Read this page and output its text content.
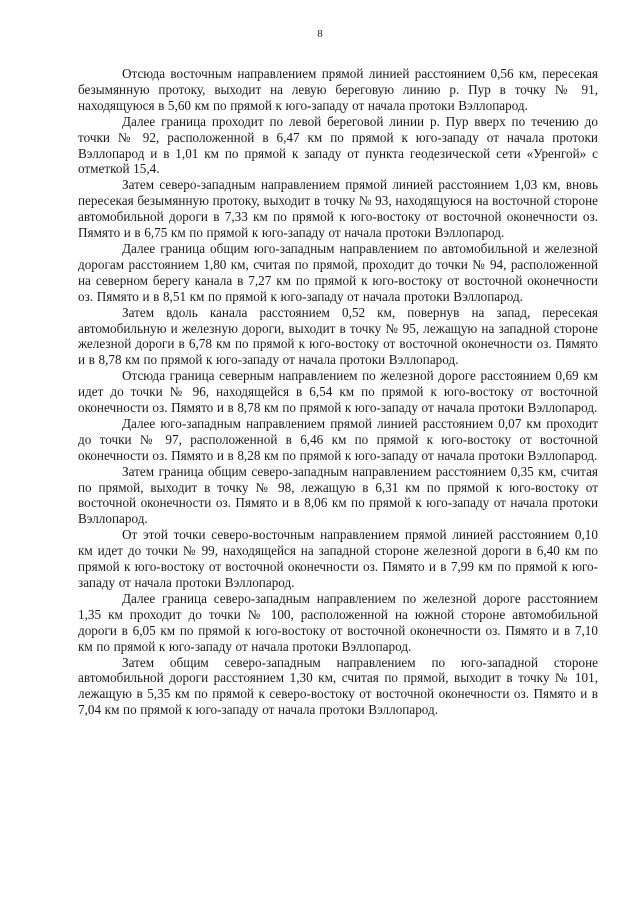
8

Отсюда восточным направлением прямой линией расстоянием 0,56 км, пересекая безымянную протоку, выходит на левую береговую линию р. Пур в точку № 91, находящуюся в 5,60 км по прямой к юго-западу от начала протоки Вэллопарод.

Далее граница проходит по левой береговой линии р. Пур вверх по течению до точки № 92, расположенной в 6,47 км по прямой к юго-западу от начала протоки Вэллопарод и в 1,01 км по прямой к западу от пункта геодезической сети «Уренгой» с отметкой 15,4.

Затем северо-западным направлением прямой линией расстоянием 1,03 км, вновь пересекая безымянную протоку, выходит в точку № 93, находящуюся на восточной стороне автомобильной дороги в 7,33 км по прямой к юго-востоку от восточной оконечности оз. Пямято и в 6,75 км по прямой к юго-западу от начала протоки Вэллопарод.

Далее граница общим юго-западным направлением по автомобильной и железной дорогам расстоянием 1,80 км, считая по прямой, проходит до точки № 94, расположенной на северном берегу канала в 7,27 км по прямой к юго-востоку от восточной оконечности оз. Пямято и в 8,51 км по прямой к юго-западу от начала протоки Вэллопарод.

Затем вдоль канала расстоянием 0,52 км, повернув на запад, пересекая автомобильную и железную дороги, выходит в точку № 95, лежащую на западной стороне железной дороги в 6,78 км по прямой к юго-востоку от восточной оконечности оз. Пямято и в 8,78 км по прямой к юго-западу от начала протоки Вэллопарод.

Отсюда граница северным направлением по железной дороге расстоянием 0,69 км идет до точки № 96, находящейся в 6,54 км по прямой к юго-востоку от восточной оконечности оз. Пямято и в 8,78 км по прямой к юго-западу от начала протоки Вэллопарод.

Далее юго-западным направлением прямой линией расстоянием 0,07 км проходит до точки № 97, расположенной в 6,46 км по прямой к юго-востоку от восточной оконечности оз. Пямято и в 8,28 км по прямой к юго-западу от начала протоки Вэллопарод.

Затем граница общим северо-западным направлением расстоянием 0,35 км, считая по прямой, выходит в точку № 98, лежащую в 6,31 км по прямой к юго-востоку от восточной оконечности оз. Пямято и в 8,06 км по прямой к юго-западу от начала протоки Вэллопарод.

От этой точки северо-восточным направлением прямой линией расстоянием 0,10 км идет до точки № 99, находящейся на западной стороне железной дороги в 6,40 км по прямой к юго-востоку от восточной оконечности оз. Пямято и в 7,99 км по прямой к юго-западу от начала протоки Вэллопарод.

Далее граница северо-западным направлением по железной дороге расстоянием 1,35 км проходит до точки № 100, расположенной на южной стороне автомобильной дороги в 6,05 км по прямой к юго-востоку от восточной оконечности оз. Пямято и в 7,10 км по прямой к юго-западу от начала протоки Вэллопарод.

Затем общим северо-западным направлением по юго-западной стороне автомобильной дороги расстоянием 1,30 км, считая по прямой, выходит в точку № 101, лежащую в 5,35 км по прямой к северо-востоку от восточной оконечности оз. Пямято и в 7,04 км по прямой к юго-западу от начала протоки Вэллопарод.
